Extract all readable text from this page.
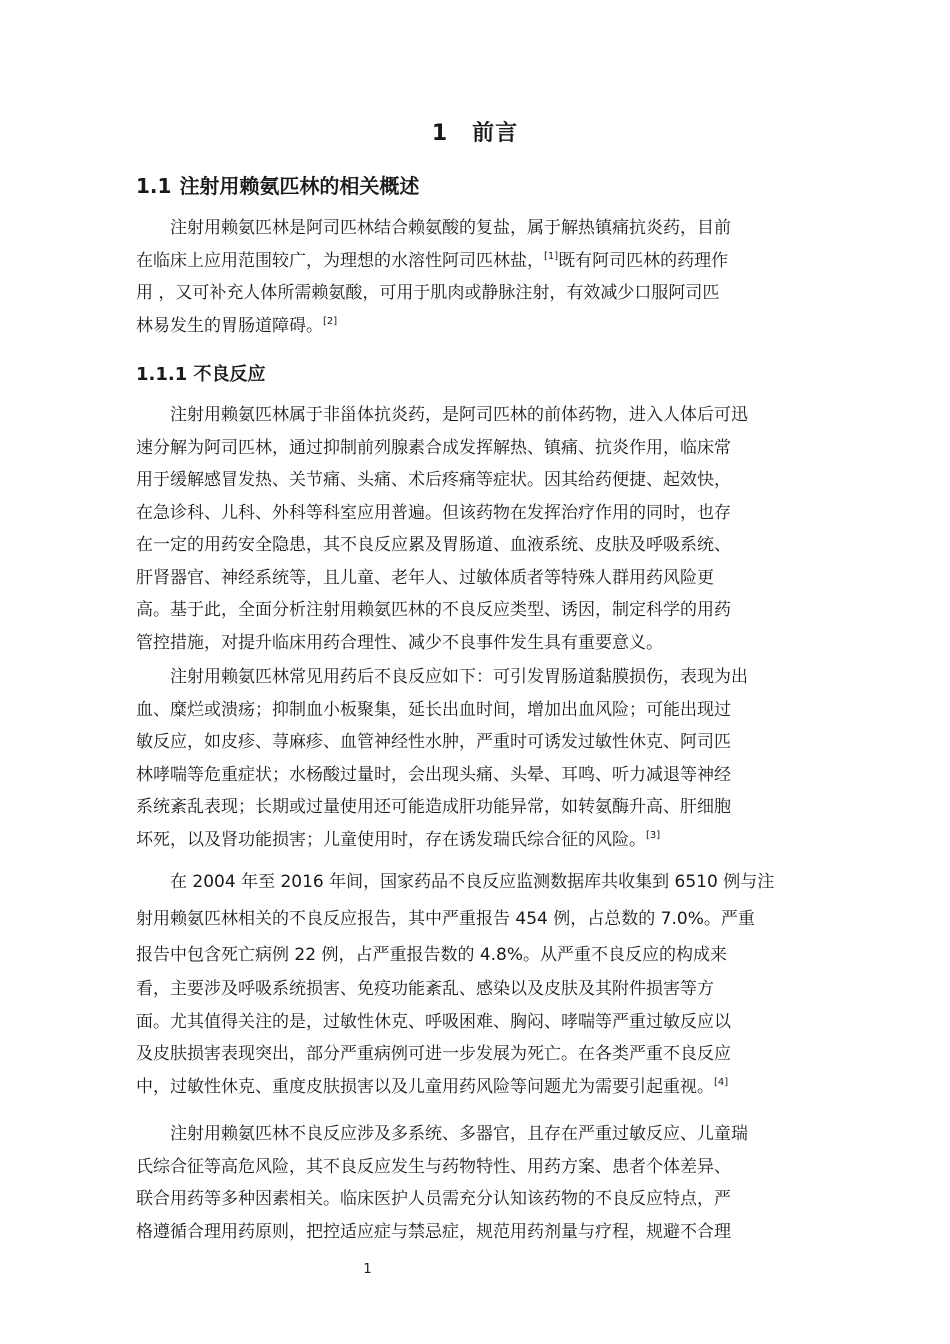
1 前言
1.1 注射用赖氨匹林的相关概述
注射用赖氨匹林是阿司匹林结合赖氨酸的复盐，属于解热镇痛抗炎药，目前
在临床上应用范围较广，为理想的水溶性阿司匹林盐，[1]既有阿司匹林的药理作
用 ，又可补充人体所需赖氨酸，可用于肌肉或静脉注射，有效减少口服阿司匹
林易发生的胃肠道障碍。[2]
1.1.1 不良反应
注射用赖氨匹林属于非甾体抗炎药，是阿司匹林的前体药物，进入人体后可迅
速分解为阿司匹林，通过抑制前列腺素合成发挥解热、镇痛、抗炎作用，临床常
用于缓解感冒发热、关节痛、头痛、术后疼痛等症状。因其给药便捷、起效快，
在急诊科、儿科、外科等科室应用普遍。但该药物在发挥治疗作用的同时，也存
在一定的用药安全隐患，其不良反应累及胃肠道、血液系统、皮肤及呼吸系统、
肝肾器官、神经系统等，且儿童、老年人、过敏体质者等特殊人群用药风险更
高。基于此，全面分析注射用赖氨匹林的不良反应类型、诱因，制定科学的用药
管控措施，对提升临床用药合理性、减少不良事件发生具有重要意义。
注射用赖氨匹林常见用药后不良反应如下：可引发胃肠道黏膜损伤，表现为出
血、糜烂或溃疡；抑制血小板聚集，延长出血时间，增加出血风险；可能出现过
敏反应，如皮疹、荨麻疹、血管神经性水肿，严重时可诱发过敏性休克、阿司匹
林哮喘等危重症状；水杨酸过量时，会出现头痛、头晕、耳鸣、听力减退等神经
系统紊乱表现；长期或过量使用还可能造成肝功能异常，如转氨酶升高、肝细胞
坏死，以及肾功能损害；儿童使用时，存在诱发瑞氏综合征的风险。[3]
在 2004 年至 2016 年间，国家药品不良反应监测数据库共收集到 6510 例与注
射用赖氨匹林相关的不良反应报告，其中严重报告 454 例，占总数的 7.0%。严重
报告中包含死亡病例 22 例，占严重报告数的 4.8%。从严重不良反应的构成来
看，主要涉及呼吸系统损害、免疫功能紊乱、感染以及皮肤及其附件损害等方
面。尤其值得关注的是，过敏性休克、呼吸困难、胸闷、哮喘等严重过敏反应以
及皮肤损害表现突出，部分严重病例可进一步发展为死亡。在各类严重不良反应
中，过敏性休克、重度皮肤损害以及儿童用药风险等问题尤为需要引起重视。[4]
注射用赖氨匹林不良反应涉及多系统、多器官，且存在严重过敏反应、儿童瑞
氏综合征等高危风险，其不良反应发生与药物特性、用药方案、患者个体差异、
联合用药等多种因素相关。临床医护人员需充分认知该药物的不良反应特点，严
格遵循合理用药原则，把控适应症与禁忌症，规范用药剂量与疗程，规避不合理
1
